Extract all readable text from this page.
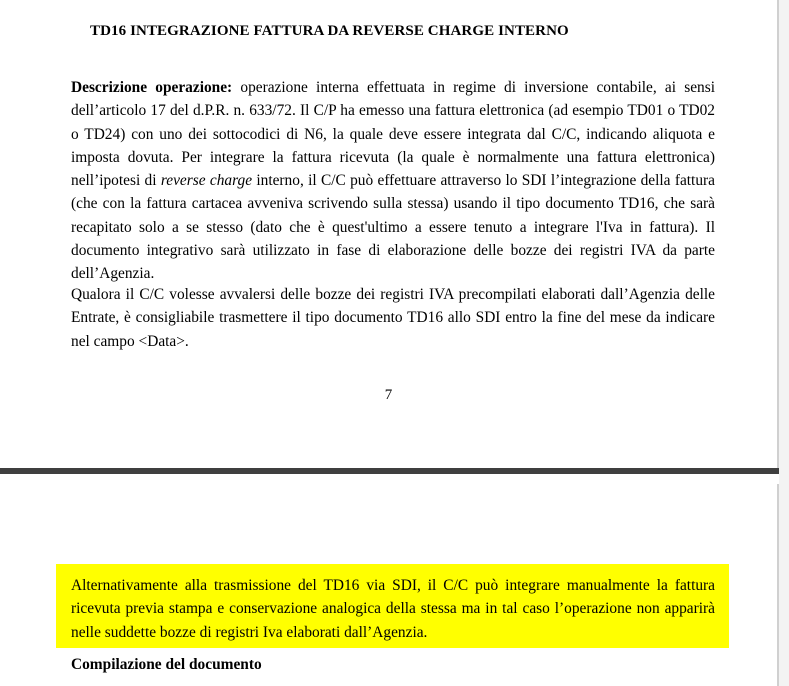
TD16 INTEGRAZIONE FATTURA DA REVERSE CHARGE INTERNO
Descrizione operazione: operazione interna effettuata in regime di inversione contabile, ai sensi dell’articolo 17 del d.P.R. n. 633/72. Il C/P ha emesso una fattura elettronica (ad esempio TD01 o TD02 o TD24) con uno dei sottocodici di N6, la quale deve essere integrata dal C/C, indicando aliquota e imposta dovuta. Per integrare la fattura ricevuta (la quale è normalmente una fattura elettronica) nell’ipotesi di reverse charge interno, il C/C può effettuare attraverso lo SDI l’integrazione della fattura (che con la fattura cartacea avveniva scrivendo sulla stessa) usando il tipo documento TD16, che sarà recapitato solo a se stesso (dato che è quest'ultimo a essere tenuto a integrare l'Iva in fattura). Il documento integrativo sarà utilizzato in fase di elaborazione delle bozze dei registri IVA da parte dell’Agenzia.
Qualora il C/C volesse avvalersi delle bozze dei registri IVA precompilati elaborati dall’Agenzia delle Entrate, è consigliabile trasmettere il tipo documento TD16 allo SDI entro la fine del mese da indicare nel campo <Data>.
7
Alternativamente alla trasmissione del TD16 via SDI, il C/C può integrare manualmente la fattura ricevuta previa stampa e conservazione analogica della stessa ma in tal caso l’operazione non apparirà nelle suddette bozze di registri Iva elaborati dall’Agenzia.
Compilazione del documento
